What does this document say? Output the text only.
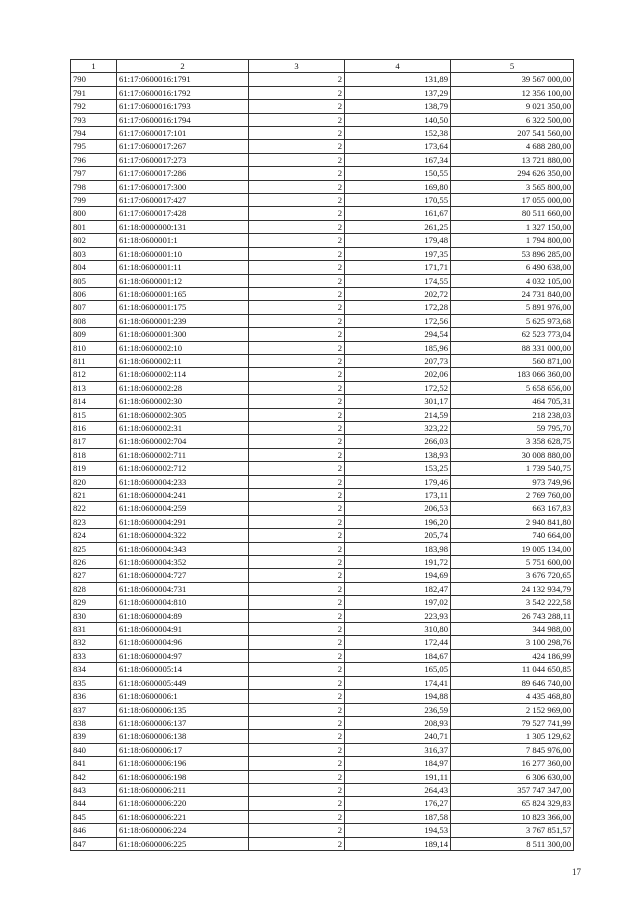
1	2	3	4	5
790	61:17:0600016:1791	2	131,89	39 567 000,00
791	61:17:0600016:1792	2	137,29	12 356 100,00
792	61:17:0600016:1793	2	138,79	9 021 350,00
793	61:17:0600016:1794	2	140,50	6 322 500,00
794	61:17:0600017:101	2	152,38	207 541 560,00
795	61:17:0600017:267	2	173,64	4 688 280,00
796	61:17:0600017:273	2	167,34	13 721 880,00
797	61:17:0600017:286	2	150,55	294 626 350,00
798	61:17:0600017:300	2	169,80	3 565 800,00
799	61:17:0600017:427	2	170,55	17 055 000,00
800	61:17:0600017:428	2	161,67	80 511 660,00
801	61:18:0000000:131	2	261,25	1 327 150,00
802	61:18:0600001:1	2	179,48	1 794 800,00
803	61:18:0600001:10	2	197,35	53 896 285,00
804	61:18:0600001:11	2	171,71	6 490 638,00
805	61:18:0600001:12	2	174,55	4 032 105,00
806	61:18:0600001:165	2	202,72	24 731 840,00
807	61:18:0600001:175	2	172,28	5 891 976,00
808	61:18:0600001:239	2	172,56	5 625 973,68
809	61:18:0600001:300	2	294,54	62 523 773,04
810	61:18:0600002:10	2	185,96	88 331 000,00
811	61:18:0600002:11	2	207,73	560 871,00
812	61:18:0600002:114	2	202,06	183 066 360,00
813	61:18:0600002:28	2	172,52	5 658 656,00
814	61:18:0600002:30	2	301,17	464 705,31
815	61:18:0600002:305	2	214,59	218 238,03
816	61:18:0600002:31	2	323,22	59 795,70
817	61:18:0600002:704	2	266,03	3 358 628,75
818	61:18:0600002:711	2	138,93	30 008 880,00
819	61:18:0600002:712	2	153,25	1 739 540,75
820	61:18:0600004:233	2	179,46	973 749,96
821	61:18:0600004:241	2	173,11	2 769 760,00
822	61:18:0600004:259	2	206,53	663 167,83
823	61:18:0600004:291	2	196,20	2 940 841,80
824	61:18:0600004:322	2	205,74	740 664,00
825	61:18:0600004:343	2	183,98	19 005 134,00
826	61:18:0600004:352	2	191,72	5 751 600,00
827	61:18:0600004:727	2	194,69	3 676 720,65
828	61:18:0600004:731	2	182,47	24 132 934,79
829	61:18:0600004:810	2	197,02	3 542 222,58
830	61:18:0600004:89	2	223,93	26 743 288,11
831	61:18:0600004:91	2	310,80	344 988,00
832	61:18:0600004:96	2	172,44	3 100 298,76
833	61:18:0600004:97	2	184,67	424 186,99
834	61:18:0600005:14	2	165,05	11 044 650,85
835	61:18:0600005:449	2	174,41	89 646 740,00
836	61:18:0600006:1	2	194,88	4 435 468,80
837	61:18:0600006:135	2	236,59	2 152 969,00
838	61:18:0600006:137	2	208,93	79 527 741,99
839	61:18:0600006:138	2	240,71	1 305 129,62
840	61:18:0600006:17	2	316,37	7 845 976,00
841	61:18:0600006:196	2	184,97	16 277 360,00
842	61:18:0600006:198	2	191,11	6 306 630,00
843	61:18:0600006:211	2	264,43	357 747 347,00
844	61:18:0600006:220	2	176,27	65 824 329,83
845	61:18:0600006:221	2	187,58	10 823 366,00
846	61:18:0600006:224	2	194,53	3 767 851,57
847	61:18:0600006:225	2	189,14	8 511 300,00
17
